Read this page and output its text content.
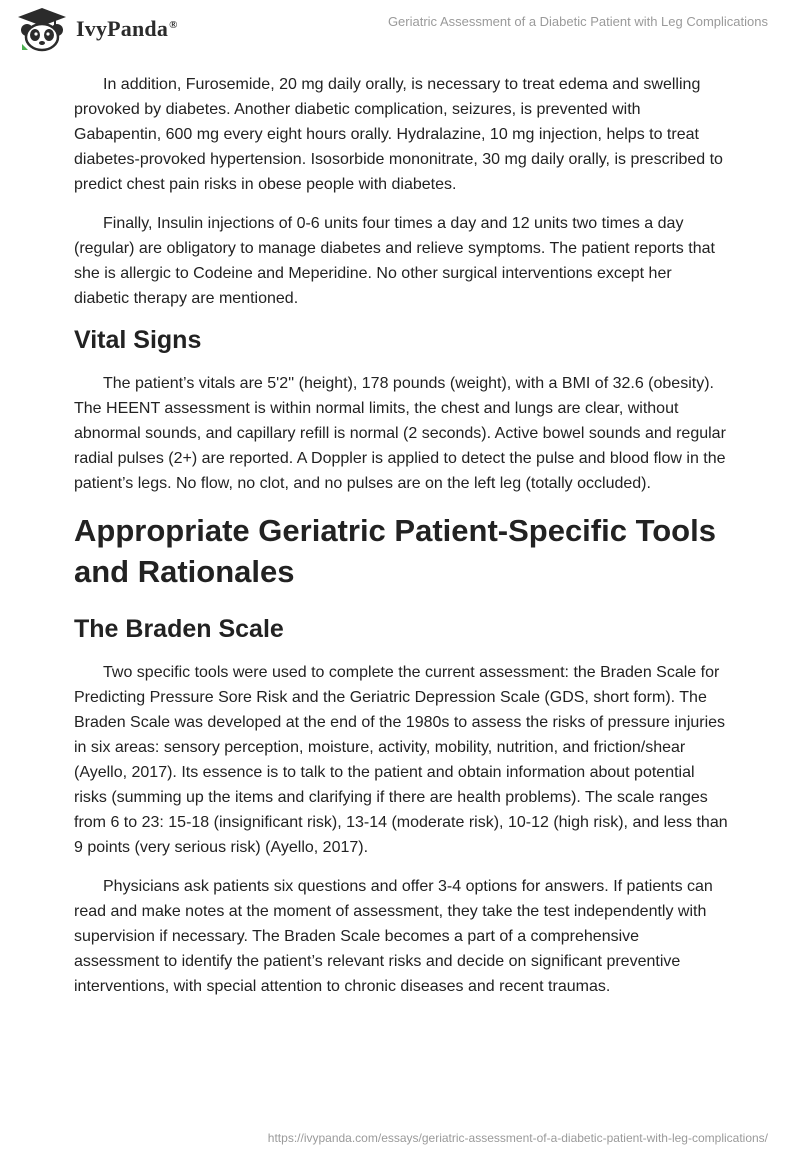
IvyPanda®	Geriatric Assessment of a Diabetic Patient with Leg Complications

In addition, Furosemide, 20 mg daily orally, is necessary to treat edema and swelling provoked by diabetes. Another diabetic complication, seizures, is prevented with Gabapentin, 600 mg every eight hours orally. Hydralazine, 10 mg injection, helps to treat diabetes-provoked hypertension. Isosorbide mononitrate, 30 mg daily orally, is prescribed to predict chest pain risks in obese people with diabetes.

Finally, Insulin injections of 0-6 units four times a day and 12 units two times a day (regular) are obligatory to manage diabetes and relieve symptoms. The patient reports that she is allergic to Codeine and Meperidine. No other surgical interventions except her diabetic therapy are mentioned.

Vital Signs

The patient’s vitals are 5'2'' (height), 178 pounds (weight), with a BMI of 32.6 (obesity). The HEENT assessment is within normal limits, the chest and lungs are clear, without abnormal sounds, and capillary refill is normal (2 seconds). Active bowel sounds and regular radial pulses (2+) are reported. A Doppler is applied to detect the pulse and blood flow in the patient’s legs. No flow, no clot, and no pulses are on the left leg (totally occluded).

Appropriate Geriatric Patient-Specific Tools and Rationales
The Braden Scale

Two specific tools were used to complete the current assessment: the Braden Scale for Predicting Pressure Sore Risk and the Geriatric Depression Scale (GDS, short form). The Braden Scale was developed at the end of the 1980s to assess the risks of pressure injuries in six areas: sensory perception, moisture, activity, mobility, nutrition, and friction/shear (Ayello, 2017). Its essence is to talk to the patient and obtain information about potential risks (summing up the items and clarifying if there are health problems). The scale ranges from 6 to 23: 15-18 (insignificant risk), 13-14 (moderate risk), 10-12 (high risk), and less than 9 points (very serious risk) (Ayello, 2017).

Physicians ask patients six questions and offer 3-4 options for answers. If patients can read and make notes at the moment of assessment, they take the test independently with supervision if necessary. The Braden Scale becomes a part of a comprehensive assessment to identify the patient’s relevant risks and decide on significant preventive interventions, with special attention to chronic diseases and recent traumas.

https://ivypanda.com/essays/geriatric-assessment-of-a-diabetic-patient-with-leg-complications/
